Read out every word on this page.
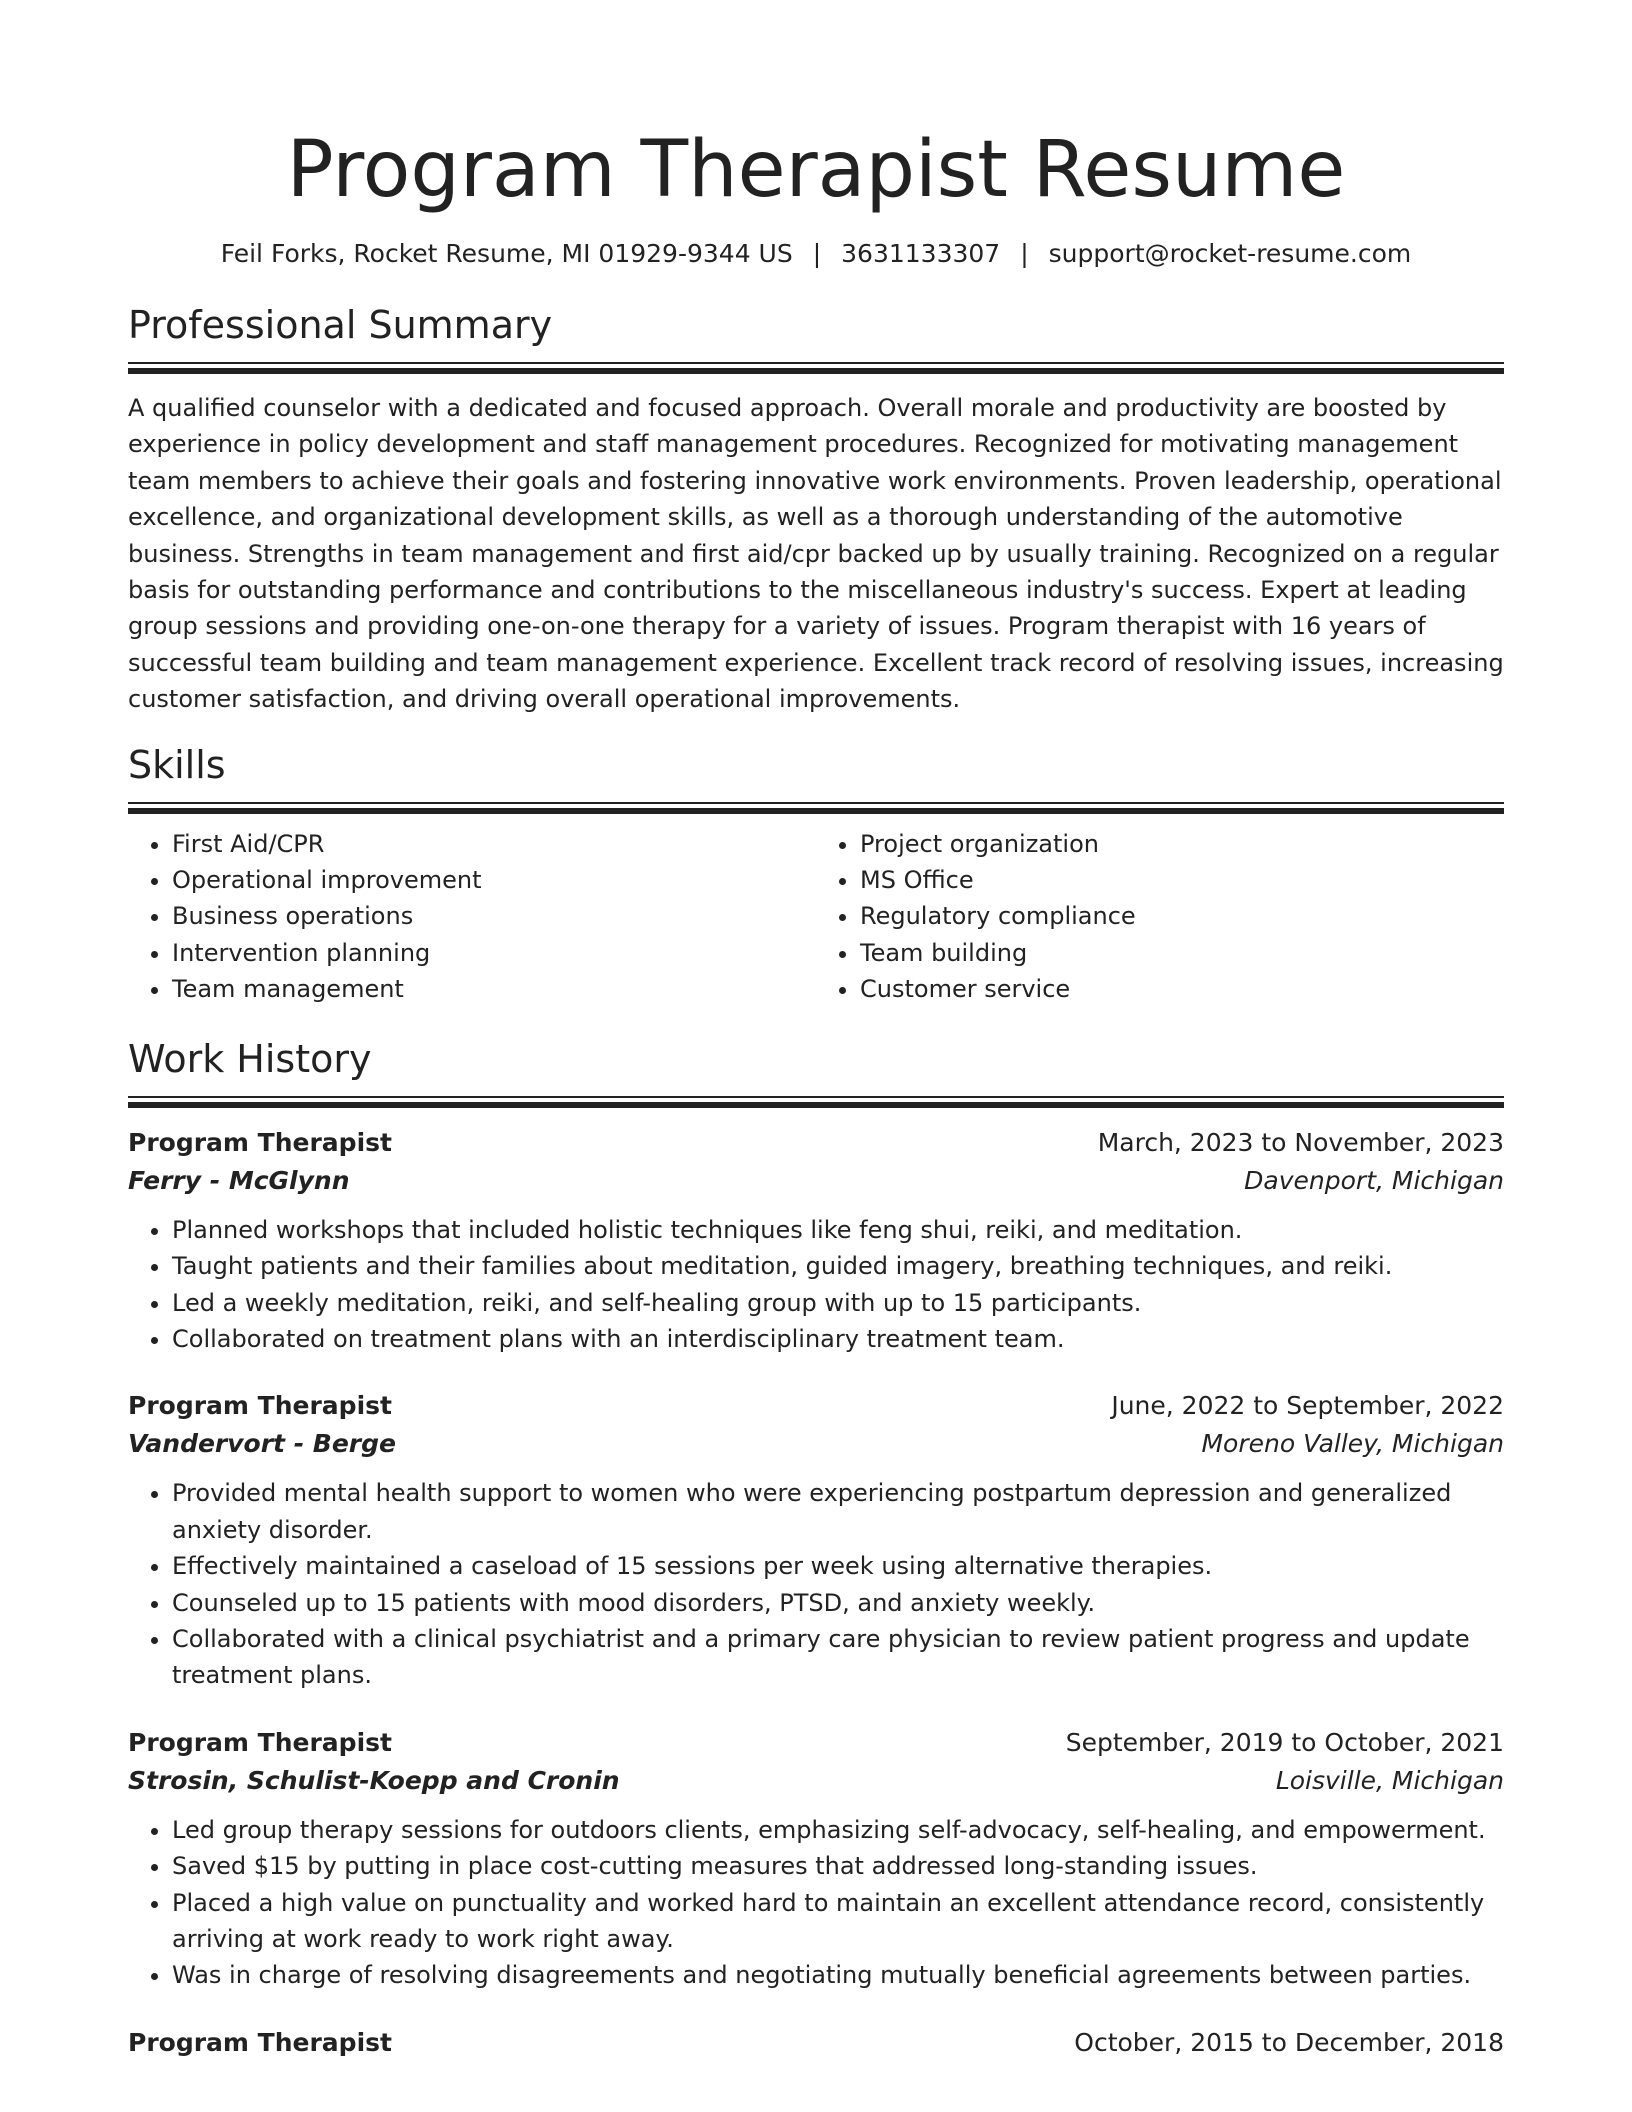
Program Therapist Resume
Feil Forks, Rocket Resume, MI 01929-9344 US | 3631133307 | support@rocket-resume.com
Professional Summary
A qualified counselor with a dedicated and focused approach. Overall morale and productivity are boosted by experience in policy development and staff management procedures. Recognized for motivating management team members to achieve their goals and fostering innovative work environments. Proven leadership, operational excellence, and organizational development skills, as well as a thorough understanding of the automotive business. Strengths in team management and first aid/cpr backed up by usually training. Recognized on a regular basis for outstanding performance and contributions to the miscellaneous industry's success. Expert at leading group sessions and providing one-on-one therapy for a variety of issues. Program therapist with 16 years of successful team building and team management experience. Excellent track record of resolving issues, increasing customer satisfaction, and driving overall operational improvements.
Skills
• First Aid/CPR
• Operational improvement
• Business operations
• Intervention planning
• Team management
• Project organization
• MS Office
• Regulatory compliance
• Team building
• Customer service
Work History
Program Therapist	March, 2023 to November, 2023
Ferry - McGlynn	Davenport, Michigan
• Planned workshops that included holistic techniques like feng shui, reiki, and meditation.
• Taught patients and their families about meditation, guided imagery, breathing techniques, and reiki.
• Led a weekly meditation, reiki, and self-healing group with up to 15 participants.
• Collaborated on treatment plans with an interdisciplinary treatment team.
Program Therapist	June, 2022 to September, 2022
Vandervort - Berge	Moreno Valley, Michigan
• Provided mental health support to women who were experiencing postpartum depression and generalized anxiety disorder.
• Effectively maintained a caseload of 15 sessions per week using alternative therapies.
• Counseled up to 15 patients with mood disorders, PTSD, and anxiety weekly.
• Collaborated with a clinical psychiatrist and a primary care physician to review patient progress and update treatment plans.
Program Therapist	September, 2019 to October, 2021
Strosin, Schulist-Koepp and Cronin	Loisville, Michigan
• Led group therapy sessions for outdoors clients, emphasizing self-advocacy, self-healing, and empowerment.
• Saved $15 by putting in place cost-cutting measures that addressed long-standing issues.
• Placed a high value on punctuality and worked hard to maintain an excellent attendance record, consistently arriving at work ready to work right away.
• Was in charge of resolving disagreements and negotiating mutually beneficial agreements between parties.
Program Therapist	October, 2015 to December, 2018
